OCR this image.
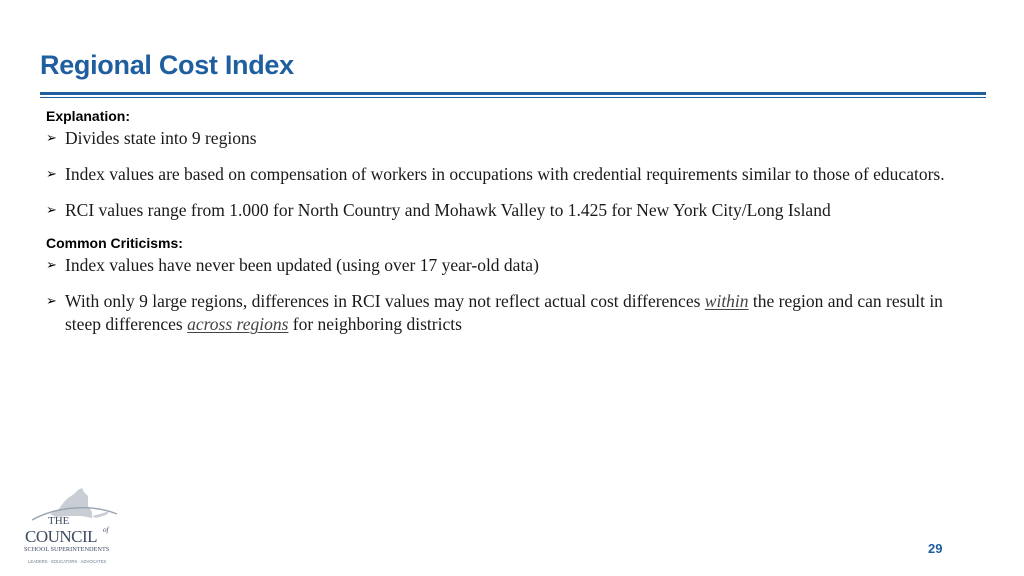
Regional Cost Index
Explanation:
➢ Divides state into 9 regions
➢ Index values are based on compensation of workers in occupations with credential requirements similar to those of educators.
➢ RCI values range from 1.000 for North Country and Mohawk Valley to 1.425 for New York City/Long Island
Common Criticisms:
➢ Index values have never been updated (using over 17 year-old data)
➢ With only 9 large regions, differences in RCI values may not reflect actual cost differences within the region and can result in steep differences across regions for neighboring districts
THE
COUNCIL of
SCHOOL SUPERINTENDENTS
LEADERS · EDUCATORS · ADVOCATES
29
